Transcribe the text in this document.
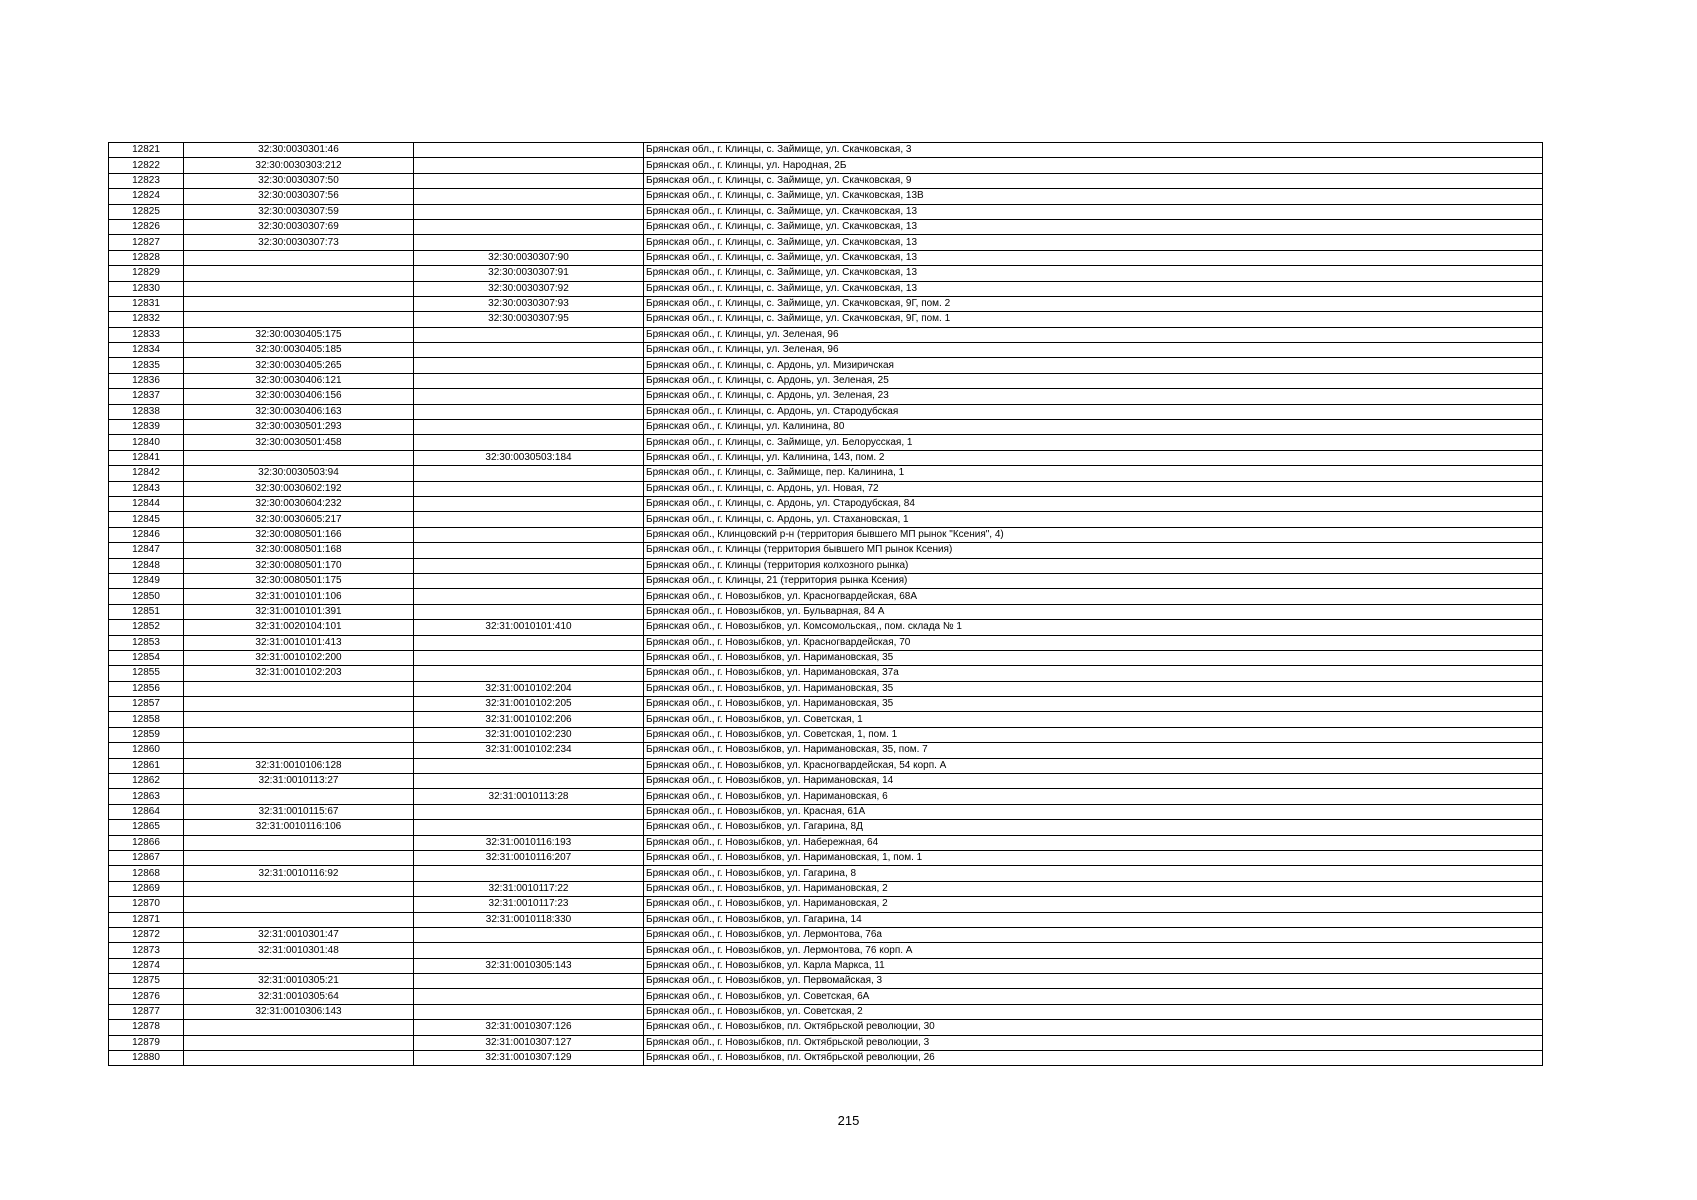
12821	32:30:0030301:46		Брянская обл., г. Клинцы, с. Займище, ул. Скачковская, 3
12822	32:30:0030303:212		Брянская обл., г. Клинцы, ул. Народная, 2Б
12823	32:30:0030307:50		Брянская обл., г. Клинцы, с. Займище, ул. Скачковская, 9
12824	32:30:0030307:56		Брянская обл., г. Клинцы, с. Займище, ул. Скачковская, 13В
12825	32:30:0030307:59		Брянская обл., г. Клинцы, с. Займище, ул. Скачковская, 13
12826	32:30:0030307:69		Брянская обл., г. Клинцы, с. Займище, ул. Скачковская, 13
12827	32:30:0030307:73		Брянская обл., г. Клинцы, с. Займище, ул. Скачковская, 13
12828		32:30:0030307:90	Брянская обл., г. Клинцы, с. Займище, ул. Скачковская, 13
12829		32:30:0030307:91	Брянская обл., г. Клинцы, с. Займище, ул. Скачковская, 13
12830		32:30:0030307:92	Брянская обл., г. Клинцы, с. Займище, ул. Скачковская, 13
12831		32:30:0030307:93	Брянская обл., г. Клинцы, с. Займище, ул. Скачковская, 9Г, пом. 2
12832		32:30:0030307:95	Брянская обл., г. Клинцы, с. Займище, ул. Скачковская, 9Г, пом. 1
12833	32:30:0030405:175		Брянская обл., г. Клинцы, ул. Зеленая, 96
12834	32:30:0030405:185		Брянская обл., г. Клинцы, ул. Зеленая, 96
12835	32:30:0030405:265		Брянская обл., г. Клинцы, с. Ардонь, ул. Мизиричская
12836	32:30:0030406:121		Брянская обл., г. Клинцы, с. Ардонь, ул. Зеленая, 25
12837	32:30:0030406:156		Брянская обл., г. Клинцы, с. Ардонь, ул. Зеленая, 23
12838	32:30:0030406:163		Брянская обл., г. Клинцы, с. Ардонь, ул. Стародубская
12839	32:30:0030501:293		Брянская обл., г. Клинцы, ул. Калинина, 80
12840	32:30:0030501:458		Брянская обл., г. Клинцы, с. Займище, ул. Белорусская, 1
12841		32:30:0030503:184	Брянская обл., г. Клинцы, ул. Калинина, 143, пом. 2
12842	32:30:0030503:94		Брянская обл., г. Клинцы, с. Займище, пер. Калинина, 1
12843	32:30:0030602:192		Брянская обл., г. Клинцы, с. Ардонь, ул. Новая, 72
12844	32:30:0030604:232		Брянская обл., г. Клинцы, с. Ардонь, ул. Стародубская, 84
12845	32:30:0030605:217		Брянская обл., г. Клинцы, с. Ардонь, ул. Стахановская, 1
12846	32:30:0080501:166		Брянская обл., Клинцовский р-н (территория бывшего МП рынок "Ксения", 4)
12847	32:30:0080501:168		Брянская обл., г. Клинцы (территория бывшего МП рынок Ксения)
12848	32:30:0080501:170		Брянская обл., г. Клинцы (территория колхозного рынка)
12849	32:30:0080501:175		Брянская обл., г. Клинцы, 21 (территория рынка Ксения)
12850	32:31:0010101:106		Брянская обл., г. Новозыбков, ул. Красногвардейская, 68А
12851	32:31:0010101:391		Брянская обл., г. Новозыбков, ул. Бульварная, 84 А
12852	32:31:0020104:101	32:31:0010101:410	Брянская обл., г. Новозыбков, ул. Комсомольская,, пом. склада № 1
12853	32:31:0010101:413		Брянская обл., г. Новозыбков, ул. Красногвардейская, 70
12854	32:31:0010102:200		Брянская обл., г. Новозыбков, ул. Наримановская, 35
12855	32:31:0010102:203		Брянская обл., г. Новозыбков, ул. Наримановская, 37а
12856		32:31:0010102:204	Брянская обл., г. Новозыбков, ул. Наримановская, 35
12857		32:31:0010102:205	Брянская обл., г. Новозыбков, ул. Наримановская, 35
12858		32:31:0010102:206	Брянская обл., г. Новозыбков, ул. Советская, 1
12859		32:31:0010102:230	Брянская обл., г. Новозыбков, ул. Советская, 1, пом. 1
12860		32:31:0010102:234	Брянская обл., г. Новозыбков, ул. Наримановская, 35, пом. 7
12861	32:31:0010106:128		Брянская обл., г. Новозыбков, ул. Красногвардейская, 54 корп. А
12862	32:31:0010113:27		Брянская обл., г. Новозыбков, ул. Наримановская, 14
12863		32:31:0010113:28	Брянская обл., г. Новозыбков, ул. Наримановская, 6
12864	32:31:0010115:67		Брянская обл., г. Новозыбков, ул. Красная, 61А
12865	32:31:0010116:106		Брянская обл., г. Новозыбков, ул. Гагарина, 8Д
12866		32:31:0010116:193	Брянская обл., г. Новозыбков, ул. Набережная, 64
12867		32:31:0010116:207	Брянская обл., г. Новозыбков, ул. Наримановская, 1, пом. 1
12868	32:31:0010116:92		Брянская обл., г. Новозыбков, ул. Гагарина, 8
12869		32:31:0010117:22	Брянская обл., г. Новозыбков, ул. Наримановская, 2
12870		32:31:0010117:23	Брянская обл., г. Новозыбков, ул. Наримановская, 2
12871		32:31:0010118:330	Брянская обл., г. Новозыбков, ул. Гагарина, 14
12872	32:31:0010301:47		Брянская обл., г. Новозыбков, ул. Лермонтова, 76а
12873	32:31:0010301:48		Брянская обл., г. Новозыбков, ул. Лермонтова, 76 корп. А
12874		32:31:0010305:143	Брянская обл., г. Новозыбков, ул. Карла Маркса, 11
12875	32:31:0010305:21		Брянская обл., г. Новозыбков, ул. Первомайская, 3
12876	32:31:0010305:64		Брянская обл., г. Новозыбков, ул. Советская, 6А
12877	32:31:0010306:143		Брянская обл., г. Новозыбков, ул. Советская, 2
12878		32:31:0010307:126	Брянская обл., г. Новозыбков, пл. Октябрьской революции, 30
12879		32:31:0010307:127	Брянская обл., г. Новозыбков, пл. Октябрьской революции, 3
12880		32:31:0010307:129	Брянская обл., г. Новозыбков, пл. Октябрьской революции, 26
215
